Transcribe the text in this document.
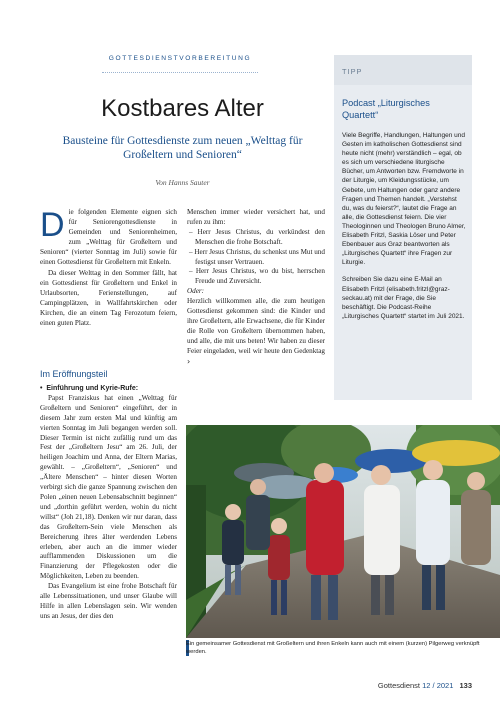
GOTTESDIENSTVORBEREITUNG
Kostbares Alter
Bausteine für Gottesdienste zum neuen „Welttag für Großeltern und Senioren“
Von Hanns Sauter
D ie folgenden Elemente eignen sich für Seniorengottesdienste in Gemeinden und Seniorenheimen, zum „Welttag für Großeltern und Senioren“ (vierter Sonntag im Juli) sowie für einen Gottesdienst für Großeltern mit Enkeln.

Da dieser Welttag in den Sommer fällt, hat ein Gottesdienst für Großeltern und Enkel in Urlaubsorten, Ferienstellungen, auf Campingplätzen, in Wallfahrtskirchen oder Kirchen, die an einem Tag Ferozotum feiern, einen guten Platz.

Im Eröffnungsteil

•  Einführung und Kyrie-Rufe:

Papst Franziskus hat einen „Welttag für Großeltern und Senioren“ eingeführt, der in diesem Jahr zum ersten Mal und künftig am vierten Sonntag im Juli begangen werden soll. Dieser Termin ist nicht zufällig rund um das Fest der „Großeltern Jesu“ am 26. Juli, der heiligen Joachim und Anna, der Eltern Marias, gewählt. – „Großeltern“, „Senioren“ und „Ältere Menschen“ – hinter diesen Worten verbirgt sich die ganze Spannung zwischen den Polen „einen neuen Lebensabschnitt beginnen“ und „dorthin geführt werden, wohin du nicht willst“ (Joh 21,18). Denken wir nur daran, dass das Großeltern-Sein viele Menschen als Bereicherung ihres älter werdenden Lebens erleben, aber auch an die immer wieder aufflammenden Diskussionen um die Finanzierung der Pflegekosten oder die Möglichkeiten, Leben zu beenden.

Das Evangelium ist eine frohe Botschaft für alle Lebenssituationen, und unser Glaube will Hilfe in allen Lebenslagen sein. Wir wenden uns an Jesus, der dies den

Menschen immer wieder versichert hat, und rufen zu ihm:

– Herr Jesus Christus, du verkündest den Menschen die frohe Botschaft.

– Herr Jesus Christus, du schenkst uns Mut und festigst unser Vertrauen.

– Herr Jesus Christus, wo du bist, herrschen Freude und Zuversicht.

Oder:

Herzlich willkommen alle, die zum heutigen Gottesdienst gekommen sind: die Kinder und ihre Großeltern, alle Erwachsene, die für Kinder die Rolle von Großeltern übernommen haben, und alle, die mit uns beten! Wir haben zu dieser Feier eingeladen, weil wir heute den Gedenktag ›

TIPP
Podcast „Liturgisches Quartett“

Viele Begriffe, Handlungen, Haltungen und Gesten im katholischen Gottesdienst sind heute nicht (mehr) verständlich – egal, ob es sich um verschiedene liturgische Bücher, um Antworten bzw. Fremdworte in der Liturgie, um Kleidungsstücke, um Gebete, um Haltungen oder ganz andere Fragen und Themen handelt. „Verstehst du, was du feierst?“, lautet die Frage an alle, die Gottesdienst feiern. Die vier Theologinnen und Theologen Bruno Almer, Elisabeth Fritzl, Saskia Löser und Peter Ebenbauer aus Graz beantworten als „Liturgisches Quartett“ ihre Fragen zur Liturgie.

Schreiben Sie dazu eine E-Mail an Elisabeth Fritzl (elisabeth.fritzl@graz-seckau.at) mit der Frage, die Sie beschäftigt. Die Podcast-Reihe „Liturgisches Quartett“ startet im Juli 2021.

Ein gemeinsamer Gottesdienst mit Großeltern und ihren Enkeln kann auch mit einem (kurzen) Pilgerweg verknüpft werden.
Gottesdienst 12 / 2021 133
